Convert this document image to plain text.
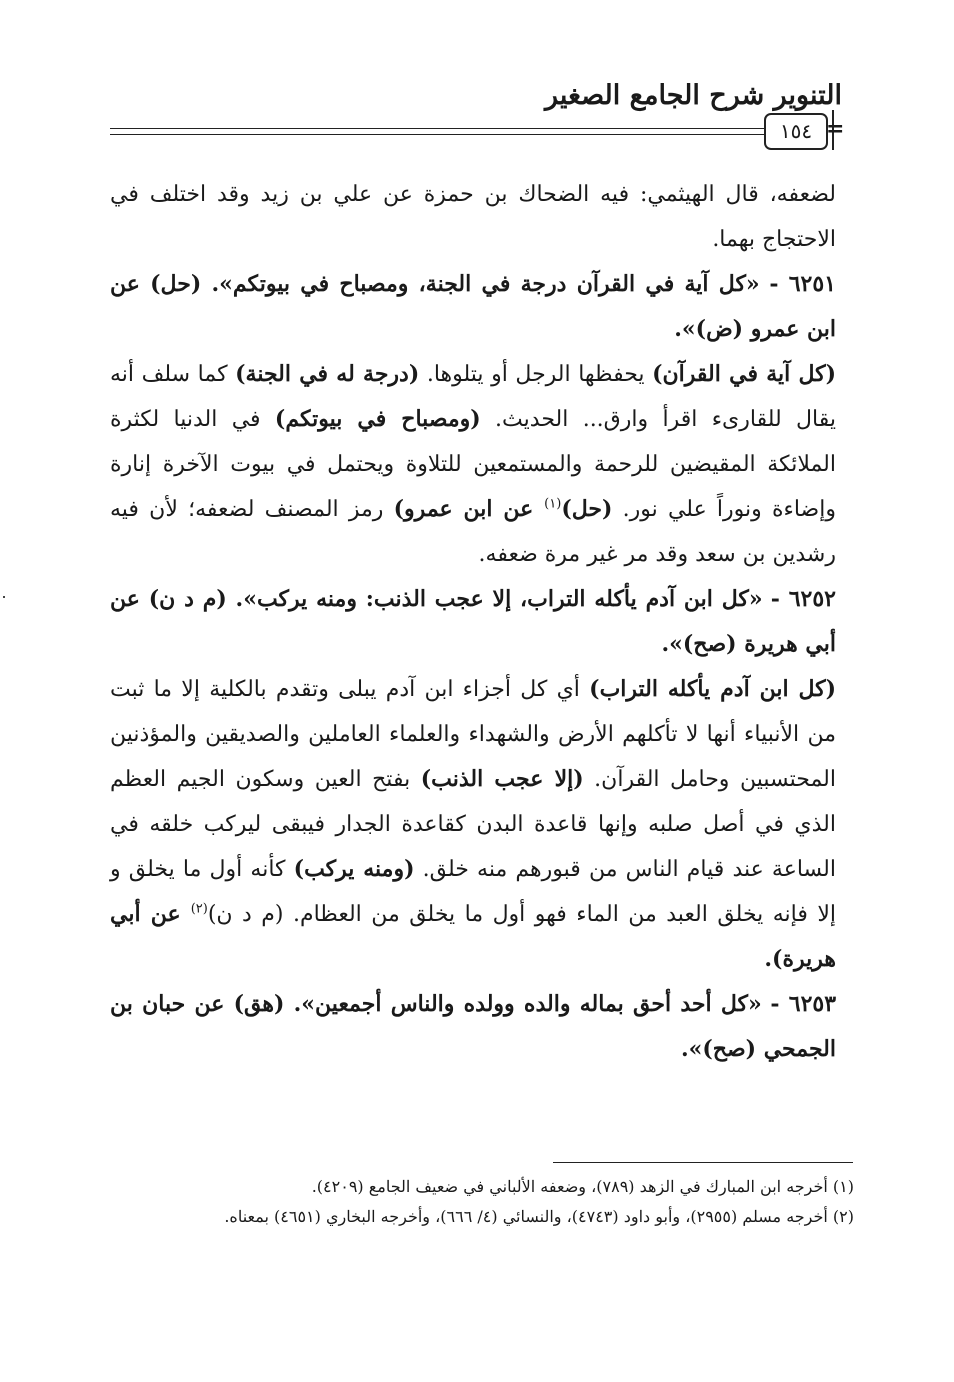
التنوير شرح الجامع الصغير
١٥٤ =

لضعفه، قال الهيثمي: فيه الضحاك بن حمزة عن علي بن زيد وقد اختلف في الاحتجاج بهما.

٦٢٥١ - «كل آية في القرآن درجة في الجنة، ومصباح في بيوتكم». (حل) عن ابن عمرو (ض)».

(كل آية في القرآن) يحفظها الرجل أو يتلوها. (درجة له في الجنة) كما سلف أنه يقال للقارىء اقرأ وارق... الحديث. (ومصباح في بيوتكم) في الدنيا لكثرة الملائكة المقيضين للرحمة والمستمعين للتلاوة ويحتمل في بيوت الآخرة إنارة وإضاءة ونوراً علي نور. (حل)$^{(١)}$ عن ابن عمرو) رمز المصنف لضعفه؛ لأن فيه رشدين بن سعد وقد مر غير مرة ضعفه.

٦٢٥٢ - «كل ابن آدم يأكله التراب، إلا عجب الذنب: ومنه يركب». (م د ن) عن أبي هريرة (صح)».

(كل ابن آدم يأكله التراب) أي كل أجزاء ابن آدم يبلى وتقدم بالكلية إلا ما ثبت من الأنبياء أنها لا تأكلهم الأرض والشهداء والعلماء العاملين والصديقين والمؤذنين المحتسبين وحامل القرآن. (إلا عجب الذنب) بفتح العين وسكون الجيم العظم الذي في أصل صلبه وإنها قاعدة البدن كقاعدة الجدار فيبقى ليركب خلقه في الساعة عند قيام الناس من قبورهم منه خلق. (ومنه يركب) كأنه أول ما يخلق و إلا فإنه يخلق العبد من الماء فهو أول ما يخلق من العظام. (م د ن)$^{(٢)}$ عن أبي هريرة).

٦٢٥٣ - «كل أحد أحق بماله والده وولده والناس أجمعين». (هق) عن حبان بن الجمحي (صح)».

(١) أخرجه ابن المبارك في الزهد (٧٨٩)، وضعفه الألباني في ضعيف الجامع (٤٢٠٩).

(٢) أخرجه مسلم (٢٩٥٥)، وأبو داود (٤٧٤٣)، والنسائي (٤/ ٦٦٦)، وأخرجه البخاري (٤٦٥١) بمعناه.
